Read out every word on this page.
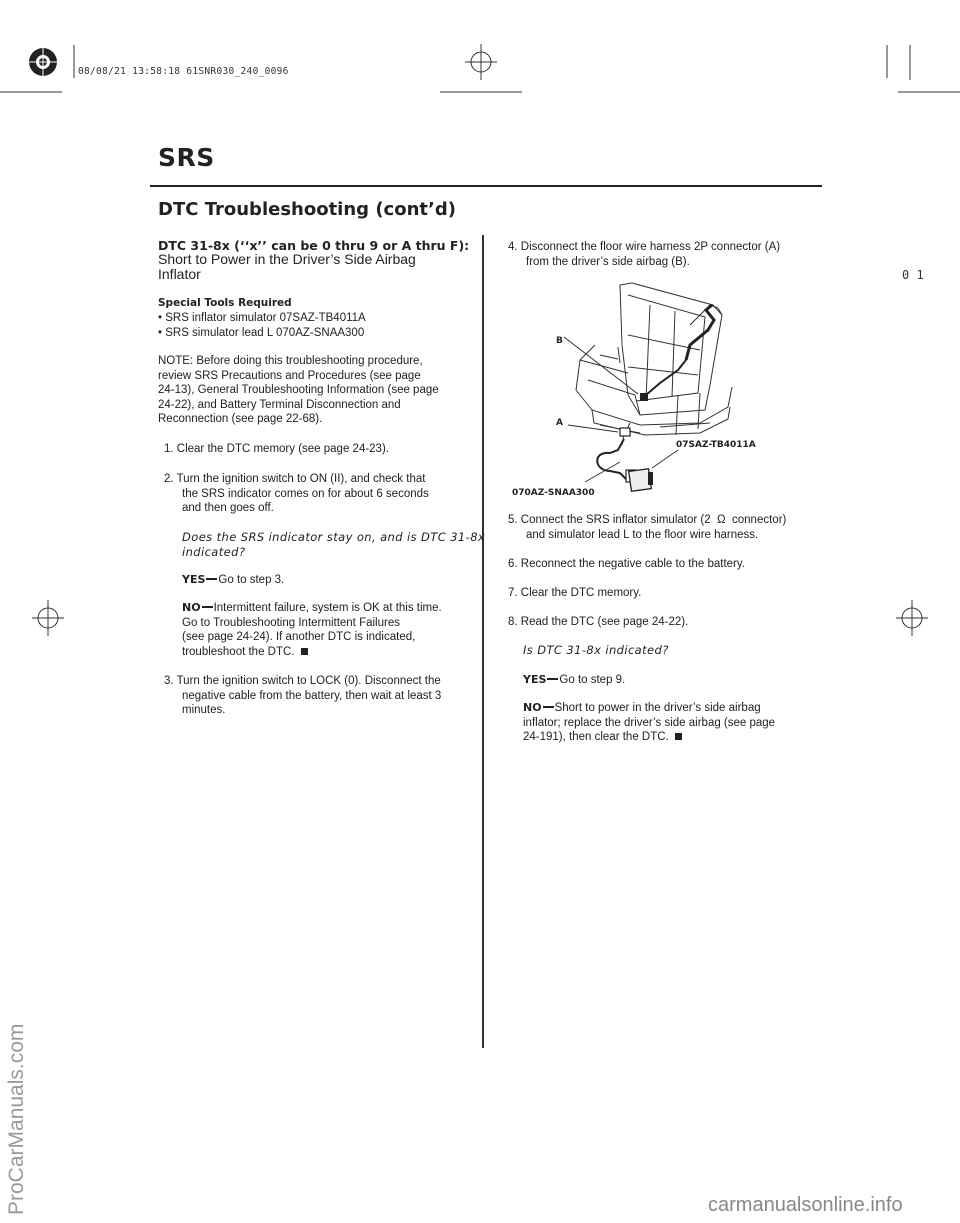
08/08/21 13:58:18 61SNR030_240_0096
SRS
DTC Troubleshooting (cont’d)
0 1
DTC 31-8x (‘‘x’’ can be 0 thru 9 or A thru F):
Short to Power in the Driver’s Side Airbag
Inflator
Special Tools Required
• SRS inflator simulator 07SAZ-TB4011A
• SRS simulator lead L 070AZ-SNAA300
NOTE: Before doing this troubleshooting procedure,
review SRS Precautions and Procedures (see page
24-13), General Troubleshooting Information (see page
24-22), and Battery Terminal Disconnection and
Reconnection (see page 22-68).
1. Clear the DTC memory (see page 24-23).
2. Turn the ignition switch to ON (II), and check that
the SRS indicator comes on for about 6 seconds
and then goes off.
Does the SRS indicator stay on, and is DTC 31-8x
indicated?
YES Go to step 3.
NO Intermittent failure, system is OK at this time.
Go to Troubleshooting Intermittent Failures
(see page 24-24). If another DTC is indicated,
troubleshoot the DTC.
3. Turn the ignition switch to LOCK (0). Disconnect the
negative cable from the battery, then wait at least 3
minutes.
4. Disconnect the floor wire harness 2P connector (A)
from the driver’s side airbag (B).
B
A
07SAZ-TB4011A
070AZ-SNAA300
5. Connect the SRS inflator simulator (2 Ω connector)
and simulator lead L to the floor wire harness.
6. Reconnect the negative cable to the battery.
7. Clear the DTC memory.
8. Read the DTC (see page 24-22).
Is DTC 31-8x indicated?
YES Go to step 9.
NO Short to power in the driver’s side airbag
inflator; replace the driver’s side airbag (see page
24-191), then clear the DTC.
ProCarManuals.com	carmanualsonline.info
